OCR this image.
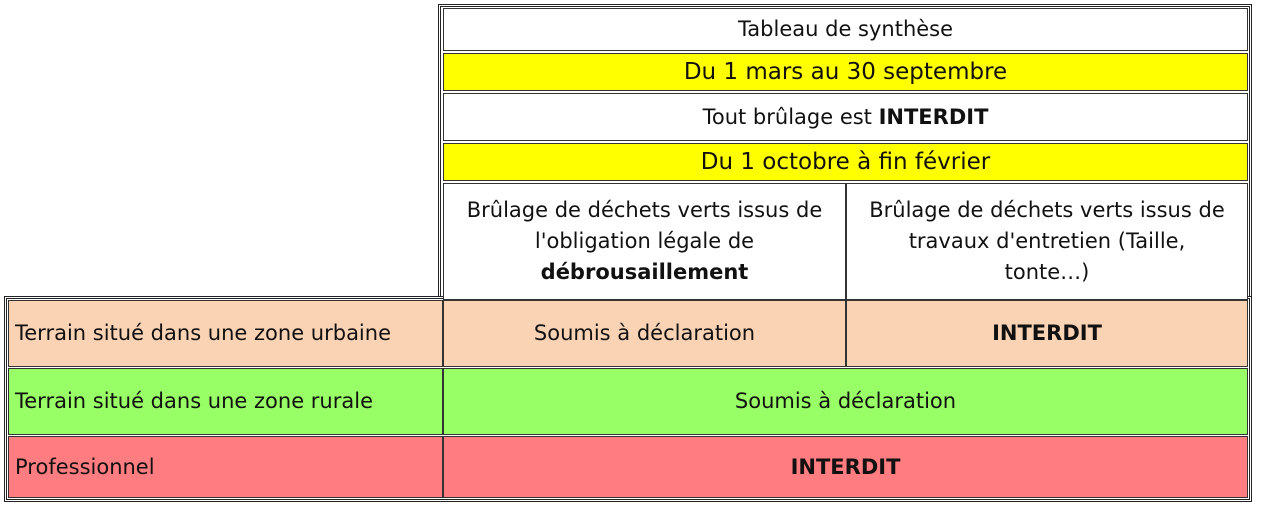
Tableau de synthèse
Du 1 mars au 30 septembre
Tout brûlage est INTERDIT
Du 1 octobre à fin février
Brûlage de déchets verts issus de
l'obligation légale de
débrousaillement
Brûlage de déchets verts issus de
travaux d'entretien (Taille,
tonte…)
Terrain situé dans une zone urbaine	Soumis à déclaration	INTERDIT
Terrain situé dans une zone rurale	Soumis à déclaration
Professionnel	INTERDIT
